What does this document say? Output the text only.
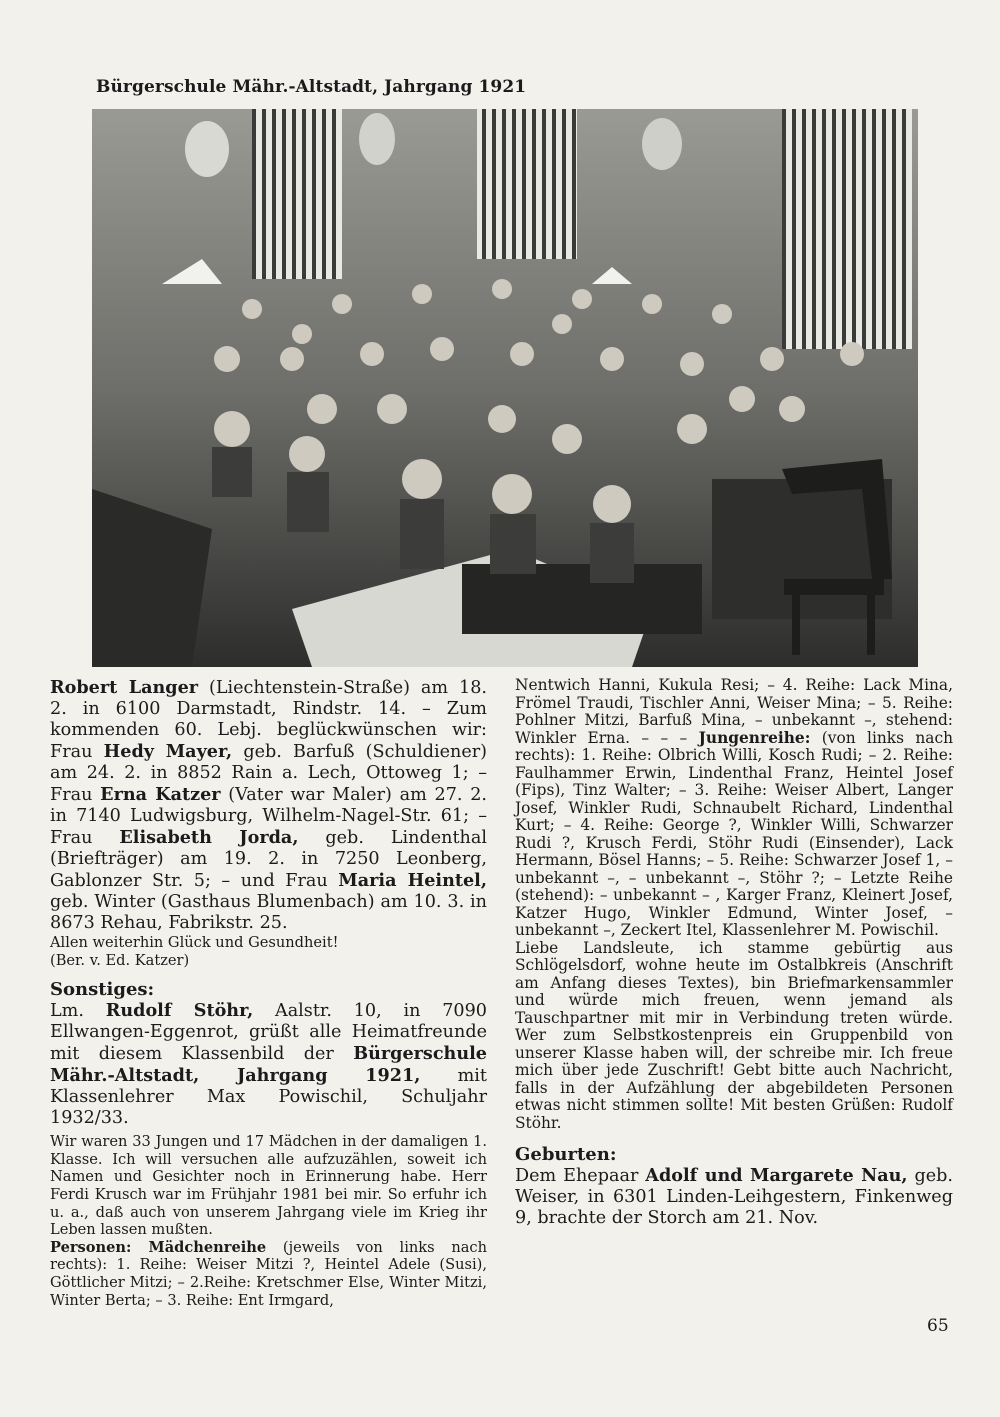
Bürgerschule Mähr.-Altstadt, Jahrgang 1921

Robert Langer (Liechtenstein-Straße) am 18. 2. in 6100 Darmstadt, Rindstr. 14. – Zum kommenden 60. Lebj. beglückwünschen wir: Frau Hedy Mayer, geb. Barfuß (Schuldiener) am 24. 2. in 8852 Rain a. Lech, Ottoweg 1; – Frau Erna Katzer (Vater war Maler) am 27. 2. in 7140 Ludwigsburg, Wilhelm-Nagel-Str. 61; – Frau Elisabeth Jorda, geb. Lindenthal (Briefträger) am 19. 2. in 7250 Leonberg, Gablonzer Str. 5; – und Frau Maria Heintel, geb. Winter (Gasthaus Blumenbach) am 10. 3. in 8673 Rehau, Fabrikstr. 25.

Allen weiterhin Glück und Gesundheit!

(Ber. v. Ed. Katzer)

Sonstiges:

Lm. Rudolf Stöhr, Aalstr. 10, in 7090 Ellwangen-Eggenrot, grüßt alle Heimatfreunde mit diesem Klassenbild der Bürgerschule Mähr.-Altstadt, Jahrgang 1921, mit Klassenlehrer Max Powischil, Schuljahr 1932/33.

Wir waren 33 Jungen und 17 Mädchen in der damaligen 1. Klasse. Ich will versuchen alle aufzuzählen, soweit ich Namen und Gesichter noch in Erinnerung habe. Herr Ferdi Krusch war im Frühjahr 1981 bei mir. So erfuhr ich u. a., daß auch von unserem Jahrgang viele im Krieg ihr Leben lassen mußten.

Personen: Mädchenreihe (jeweils von links nach rechts): 1. Reihe: Weiser Mitzi ?, Heintel Adele (Susi), Göttlicher Mitzi; – 2.Reihe: Kretschmer Else, Winter Mitzi, Winter Berta; – 3. Reihe: Ent Irmgard,

Nentwich Hanni, Kukula Resi; – 4. Reihe: Lack Mina, Frömel Traudi, Tischler Anni, Weiser Mina; – 5. Reihe: Pohlner Mitzi, Barfuß Mina, – unbekannt –, stehend: Winkler Erna. – – – Jungenreihe: (von links nach rechts): 1. Reihe: Olbrich Willi, Kosch Rudi; – 2. Reihe: Faulhammer Erwin, Lindenthal Franz, Heintel Josef (Fips), Tinz Walter; – 3. Reihe: Weiser Albert, Langer Josef, Winkler Rudi, Schnaubelt Richard, Lindenthal Kurt; – 4. Reihe: George ?, Winkler Willi, Schwarzer Rudi ?, Krusch Ferdi, Stöhr Rudi (Einsender), Lack Hermann, Bösel Hanns; – 5. Reihe: Schwarzer Josef 1, – unbekannt –, – unbekannt –, Stöhr ?; – Letzte Reihe (stehend): – unbekannt – , Karger Franz, Kleinert Josef, Katzer Hugo, Winkler Edmund, Winter Josef, – unbekannt –, Zeckert Itel, Klassenlehrer M. Powischil.

Liebe Landsleute, ich stamme gebürtig aus Schlögelsdorf, wohne heute im Ostalbkreis (Anschrift am Anfang dieses Textes), bin Briefmarkensammler und würde mich freuen, wenn jemand als Tauschpartner mit mir in Verbindung treten würde. Wer zum Selbstkostenpreis ein Gruppenbild von unserer Klasse haben will, der schreibe mir. Ich freue mich über jede Zuschrift! Gebt bitte auch Nachricht, falls in der Aufzählung der abgebildeten Personen etwas nicht stimmen sollte! Mit besten Grüßen: Rudolf Stöhr.

Geburten:

Dem Ehepaar Adolf und Margarete Nau, geb. Weiser, in 6301 Linden-Leihgestern, Finkenweg 9, brachte der Storch am 21. Nov.

65
